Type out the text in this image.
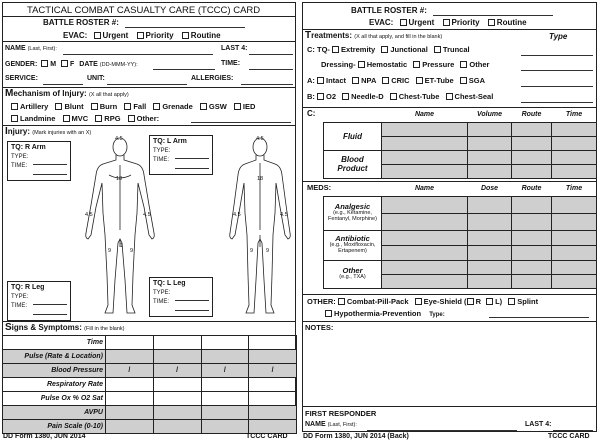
TACTICAL COMBAT CASUALTY CARE (TCCC) CARD
BATTLE ROSTER #:
EVAC: Urgent Priority Routine
NAME (Last, First):	LAST 4:
GENDER: M F DATE (DD-MMM-YY):	TIME:
SERVICE:	UNIT:	ALLERGIES:
Mechanism of Injury: (X all that apply)
Artillery Blunt Burn Fall Grenade GSW IED
Landmine MVC RPG Other:
Injury: (Mark injuries with an X)
4.5
18
4.5	4.5
1
9	9
4.5
18
4.5	4.5
9 9
TQ: R Arm
TYPE:
TIME:
TQ: L Arm
TYPE:
TIME:
TQ: R Leg
TYPE:
TIME:
TQ: L Leg
TYPE:
TIME:
Signs & Symptoms: (Fill in the blank)
Time				
Pulse (Rate & Location)				
Blood Pressure	/	/	/	/
Respiratory Rate				
Pulse Ox % O2 Sat				
AVPU				
Pain Scale (0-10)				
DD Form 1380, JUN 2014	TCCC CARD
BATTLE ROSTER #:
EVAC: Urgent Priority Routine
Treatments: (X all that apply, and fill in the blank)	Type
C: TQ- Extremity Junctional Truncal
Dressing- Hemostatic Pressure Other
A: Intact NPA CRIC ET-Tube SGA
B: O2 Needle-D Chest-Tube Chest-Seal
C:
		Name	Volume	Route	Time
Fluid				

Blood Product				

MEDS:
		Name	Dose	Route	Time

Analgesic
(e.g., Ketamine, Fentanyl, Morphine)				

Antibiotic
(e.g., Moxifloxacin, Ertapenem)				

Other
(e.g., TXA)				

OTHER: Combat-Pill-Pack Eye-Shield ( R L) Splint
Hypothermia-Prevention Type:
NOTES:
FIRST RESPONDER
NAME (Last, First):	LAST 4:
DD Form 1380, JUN 2014 (Back)	TCCC CARD
